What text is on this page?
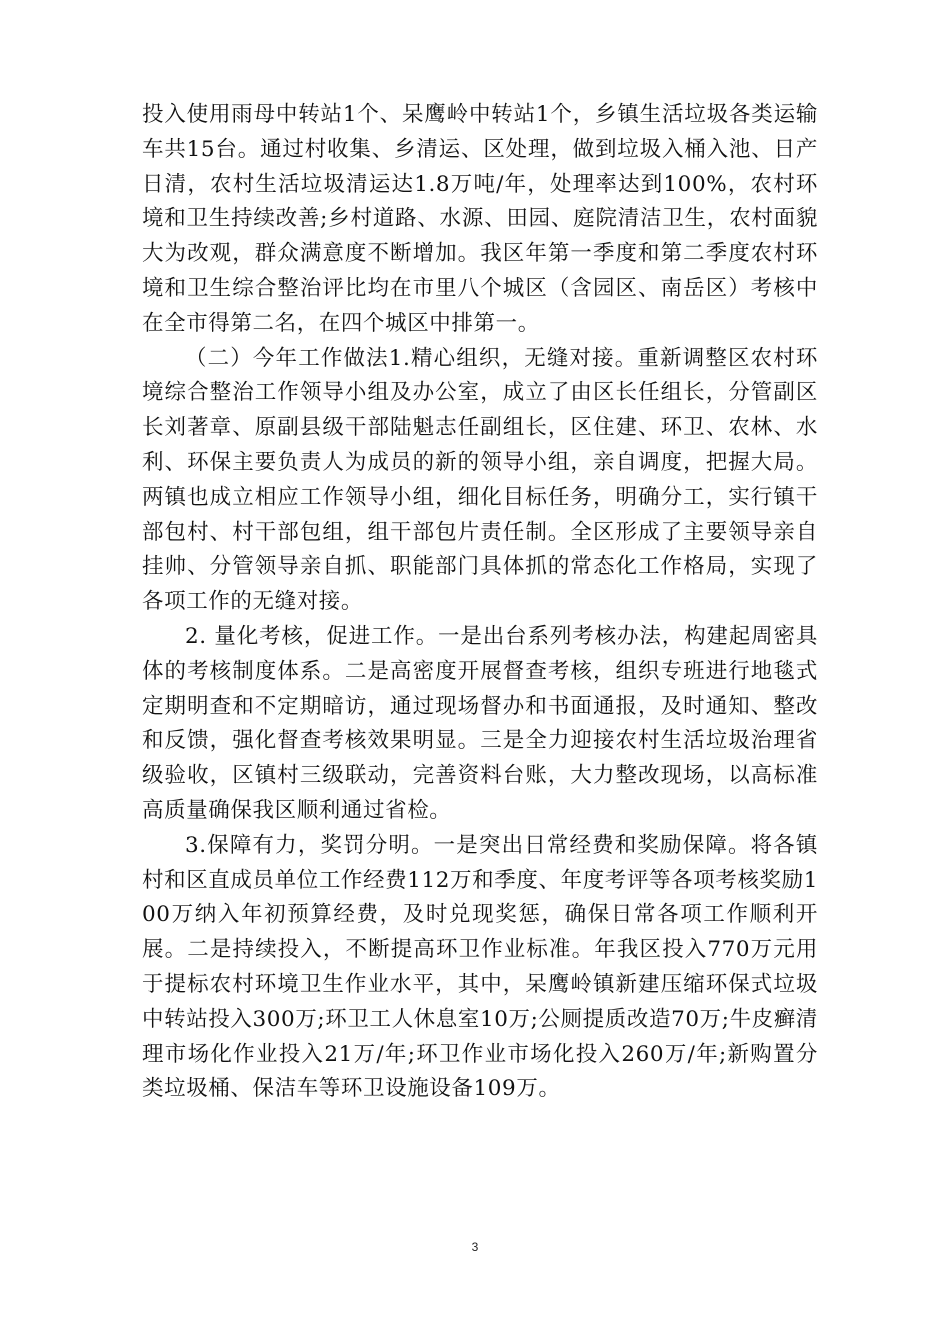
投入使用雨母中转站1个、呆鹰岭中转站1个，乡镇生活垃圾各类运输车共15台。通过村收集、乡清运、区处理，做到垃圾入桶入池、日产日清，农村生活垃圾清运达1.8万吨/年，处理率达到100%，农村环境和卫生持续改善;乡村道路、水源、田园、庭院清洁卫生，农村面貌大为改观，群众满意度不断增加。我区年第一季度和第二季度农村环境和卫生综合整治评比均在市里八个城区（含园区、南岳区）考核中在全市得第二名，在四个城区中排第一。

（二）今年工作做法1.精心组织，无缝对接。重新调整区农村环境综合整治工作领导小组及办公室，成立了由区长任组长，分管副区长刘著章、原副县级干部陆魁志任副组长，区住建、环卫、农林、水利、环保主要负责人为成员的新的领导小组，亲自调度，把握大局。两镇也成立相应工作领导小组，细化目标任务，明确分工，实行镇干部包村、村干部包组，组干部包片责任制。全区形成了主要领导亲自挂帅、分管领导亲自抓、职能部门具体抓的常态化工作格局，实现了各项工作的无缝对接。

2. 量化考核，促进工作。一是出台系列考核办法，构建起周密具体的考核制度体系。二是高密度开展督查考核，组织专班进行地毯式定期明查和不定期暗访，通过现场督办和书面通报，及时通知、整改和反馈，强化督查考核效果明显。三是全力迎接农村生活垃圾治理省级验收，区镇村三级联动，完善资料台账，大力整改现场，以高标准高质量确保我区顺利通过省检。

3.保障有力，奖罚分明。一是突出日常经费和奖励保障。将各镇村和区直成员单位工作经费112万和季度、年度考评等各项考核奖励100万纳入年初预算经费，及时兑现奖惩，确保日常各项工作顺利开展。二是持续投入，不断提高环卫作业标准。年我区投入770万元用于提标农村环境卫生作业水平，其中，呆鹰岭镇新建压缩环保式垃圾中转站投入300万;环卫工人休息室10万;公厕提质改造70万;牛皮癣清理市场化作业投入21万/年;环卫作业市场化投入260万/年;新购置分类垃圾桶、保洁车等环卫设施设备109万。

3
